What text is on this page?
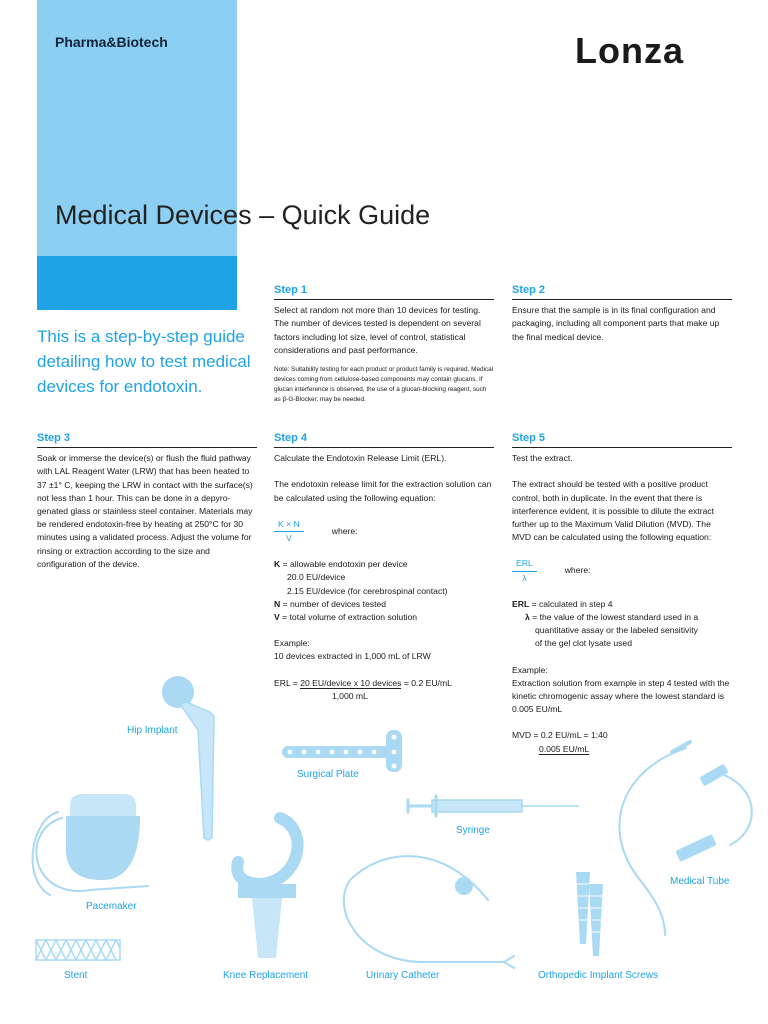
Pharma&Biotech	Lonza
Medical Devices – Quick Guide
This is a step-by-step guide detailing how to test medical devices for endotoxin.
Step 1
Select at random not more than 10 devices for testing. The number of devices tested is dependent on several factors including lot size, level of control, statistical considerations and past performance.
Note: Suitability testing for each product or product family is required. Medical devices coming from cellulose-based components may contain glucans. If glucan interference is observed, the use of a glucan-blocking reagent, such as β-G-Blocker, may be needed.
Step 2
Ensure that the sample is in its final configuration and packaging, including all component parts that make up the final medical device.
Step 3
Soak or immerse the device(s) or flush the fluid pathway with LAL Reagent Water (LRW) that has been heated to 37 ±1° C, keeping the LRW in contact with the surface(s) not less than 1 hour. This can be done in a depyro-genated glass or stainless steel container. Materials may be rendered endotoxin-free by heating at 250°C for 30 minutes using a validated process. Adjust the volume for rinsing or extraction according to the size and configuration of the device.
Step 4
Calculate the Endotoxin Release Limit (ERL).
The endotoxin release limit for the extraction solution can be calculated using the following equation:
$\frac{K \times N}{V}$	where:
K = allowable endotoxin per device
20.0 EU/device
2.15 EU/device (for cerebrospinal contact)
N = number of devices tested
V = total volume of extraction solution
Example:
10 devices extracted in 1,000 mL of LRW
ERL = 20 EU/device x 10 devices = 0.2 EU/mL
1,000 mL
Step 5
Test the extract.
The extract should be tested with a positive product control, both in duplicate. In the event that there is interference evident, it is possible to dilute the extract further up to the Maximum Valid Dilution (MVD). The MVD can be calculated using the following equation:
$\frac{\text{ERL}}{\lambda}$	where:
ERL = calculated in step 4
λ = the value of the lowest standard used in a
quantitative assay or the labeled sensitivity
of the gel clot lysate used
Example:
Extraction solution from example in step 4 tested with the kinetic chromogenic assay where the lowest standard is 0.005 EU/mL
MVD = 0.2 EU/mL = 1:40
0.005 EU/mL
Hip Implant
Surgical Plate
Syringe
Medical Tube
Pacemaker
Stent	Knee Replacement	Urinary Catheter	Orthopedic Implant Screws
